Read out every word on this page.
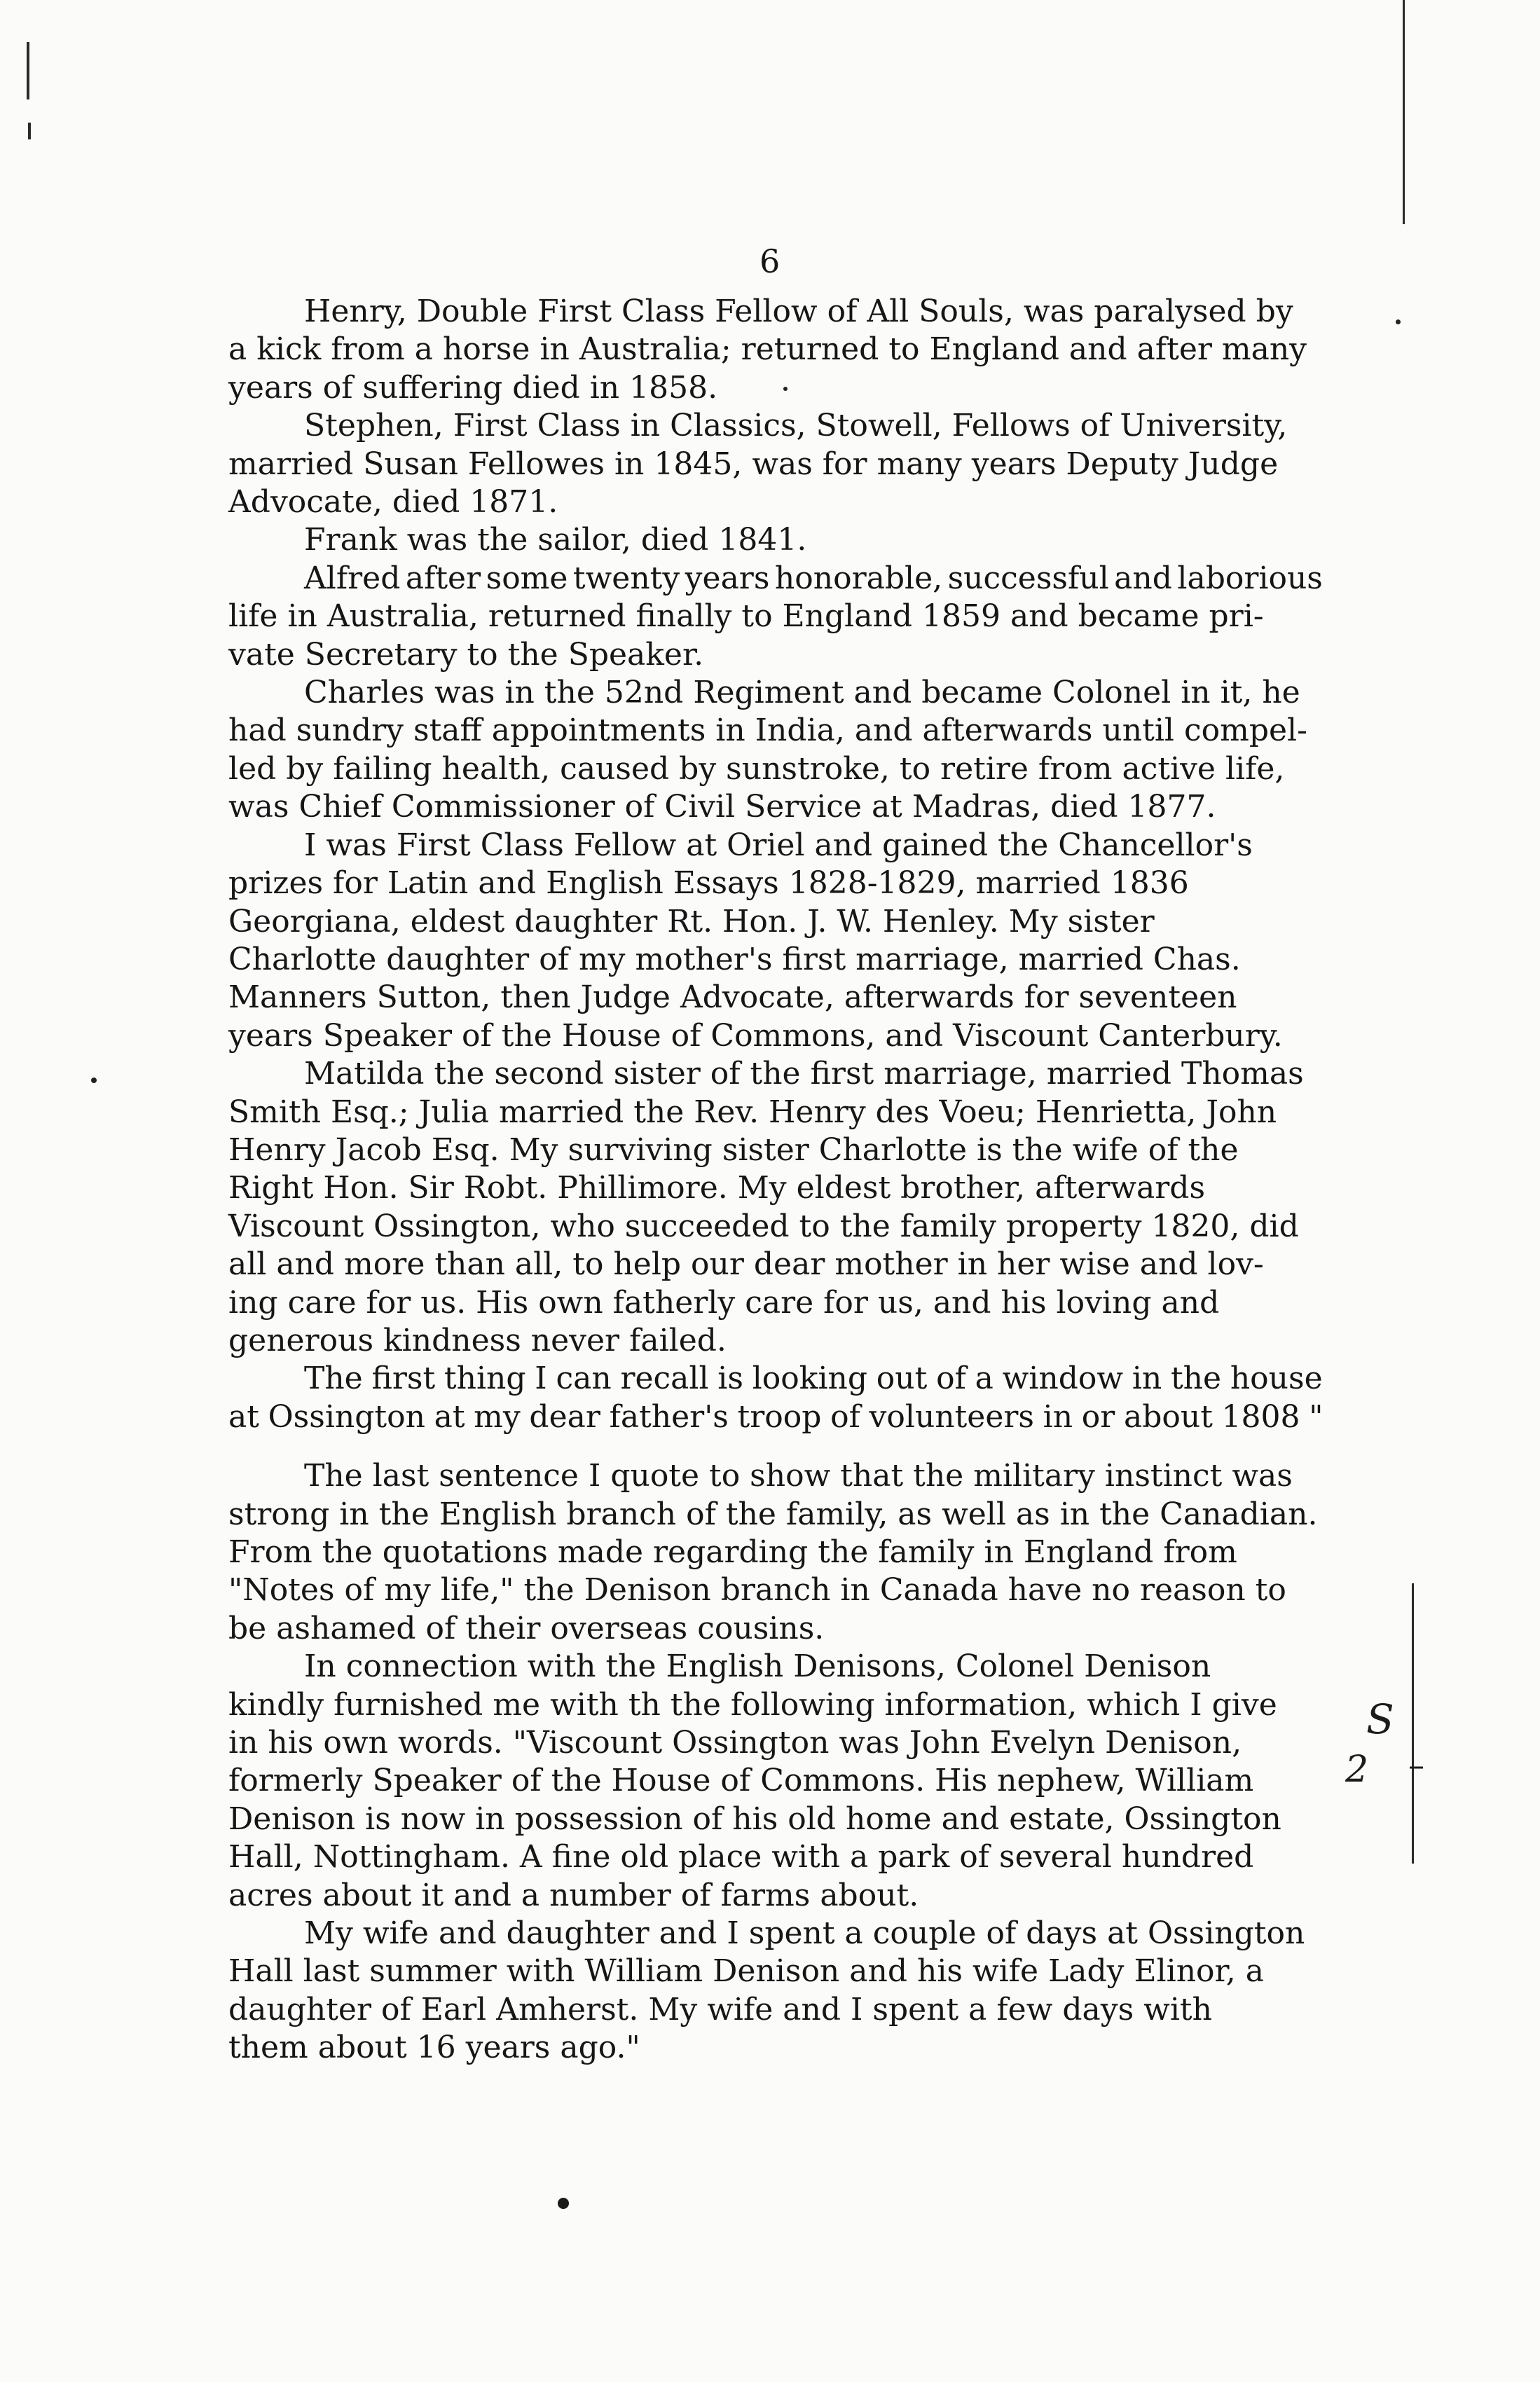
6
Henry, Double First Class Fellow of All Souls, was paralysed by
a kick from a horse in Australia; returned to England and after many
years of suffering died in 1858.
Stephen, First Class in Classics, Stowell, Fellows of University,
married Susan Fellowes in 1845, was for many years Deputy Judge
Advocate, died 1871.
Frank was the sailor, died 1841.
Alfred after some twenty years honorable, successful and laborious
life in Australia, returned finally to England 1859 and became pri-
vate Secretary to the Speaker.
Charles was in the 52nd Regiment and became Colonel in it, he
had sundry staff appointments in India, and afterwards until compel-
led by failing health, caused by sunstroke, to retire from active life,
was Chief Commissioner of Civil Service at Madras, died 1877.
I was First Class Fellow at Oriel and gained the Chancellor's
prizes for Latin and English Essays 1828-1829, married 1836
Georgiana, eldest daughter Rt. Hon. J. W. Henley. My sister
Charlotte daughter of my mother's first marriage, married Chas.
Manners Sutton, then Judge Advocate, afterwards for seventeen
years Speaker of the House of Commons, and Viscount Canterbury.
Matilda the second sister of the first marriage, married Thomas
Smith Esq.; Julia married the Rev. Henry des Voeu; Henrietta, John
Henry Jacob Esq. My surviving sister Charlotte is the wife of the
Right Hon. Sir Robt. Phillimore. My eldest brother, afterwards
Viscount Ossington, who succeeded to the family property 1820, did
all and more than all, to help our dear mother in her wise and lov-
ing care for us. His own fatherly care for us, and his loving and
generous kindness never failed.
The first thing I can recall is looking out of a window in the house
at Ossington at my dear father's troop of volunteers in or about 1808 "
The last sentence I quote to show that the military instinct was
strong in the English branch of the family, as well as in the Canadian.
From the quotations made regarding the family in England from
"Notes of my life," the Denison branch in Canada have no reason to
be ashamed of their overseas cousins.
In connection with the English Denisons, Colonel Denison
kindly furnished me with th the following information, which I give
in his own words. "Viscount Ossington was John Evelyn Denison,
formerly Speaker of the House of Commons. His nephew, William
Denison is now in possession of his old home and estate, Ossington
Hall, Nottingham. A fine old place with a park of several hundred
acres about it and a number of farms about.
My wife and daughter and I spent a couple of days at Ossington
Hall last summer with William Denison and his wife Lady Elinor, a
daughter of Earl Amherst. My wife and I spent a few days with
them about 16 years ago."
S
2 –
